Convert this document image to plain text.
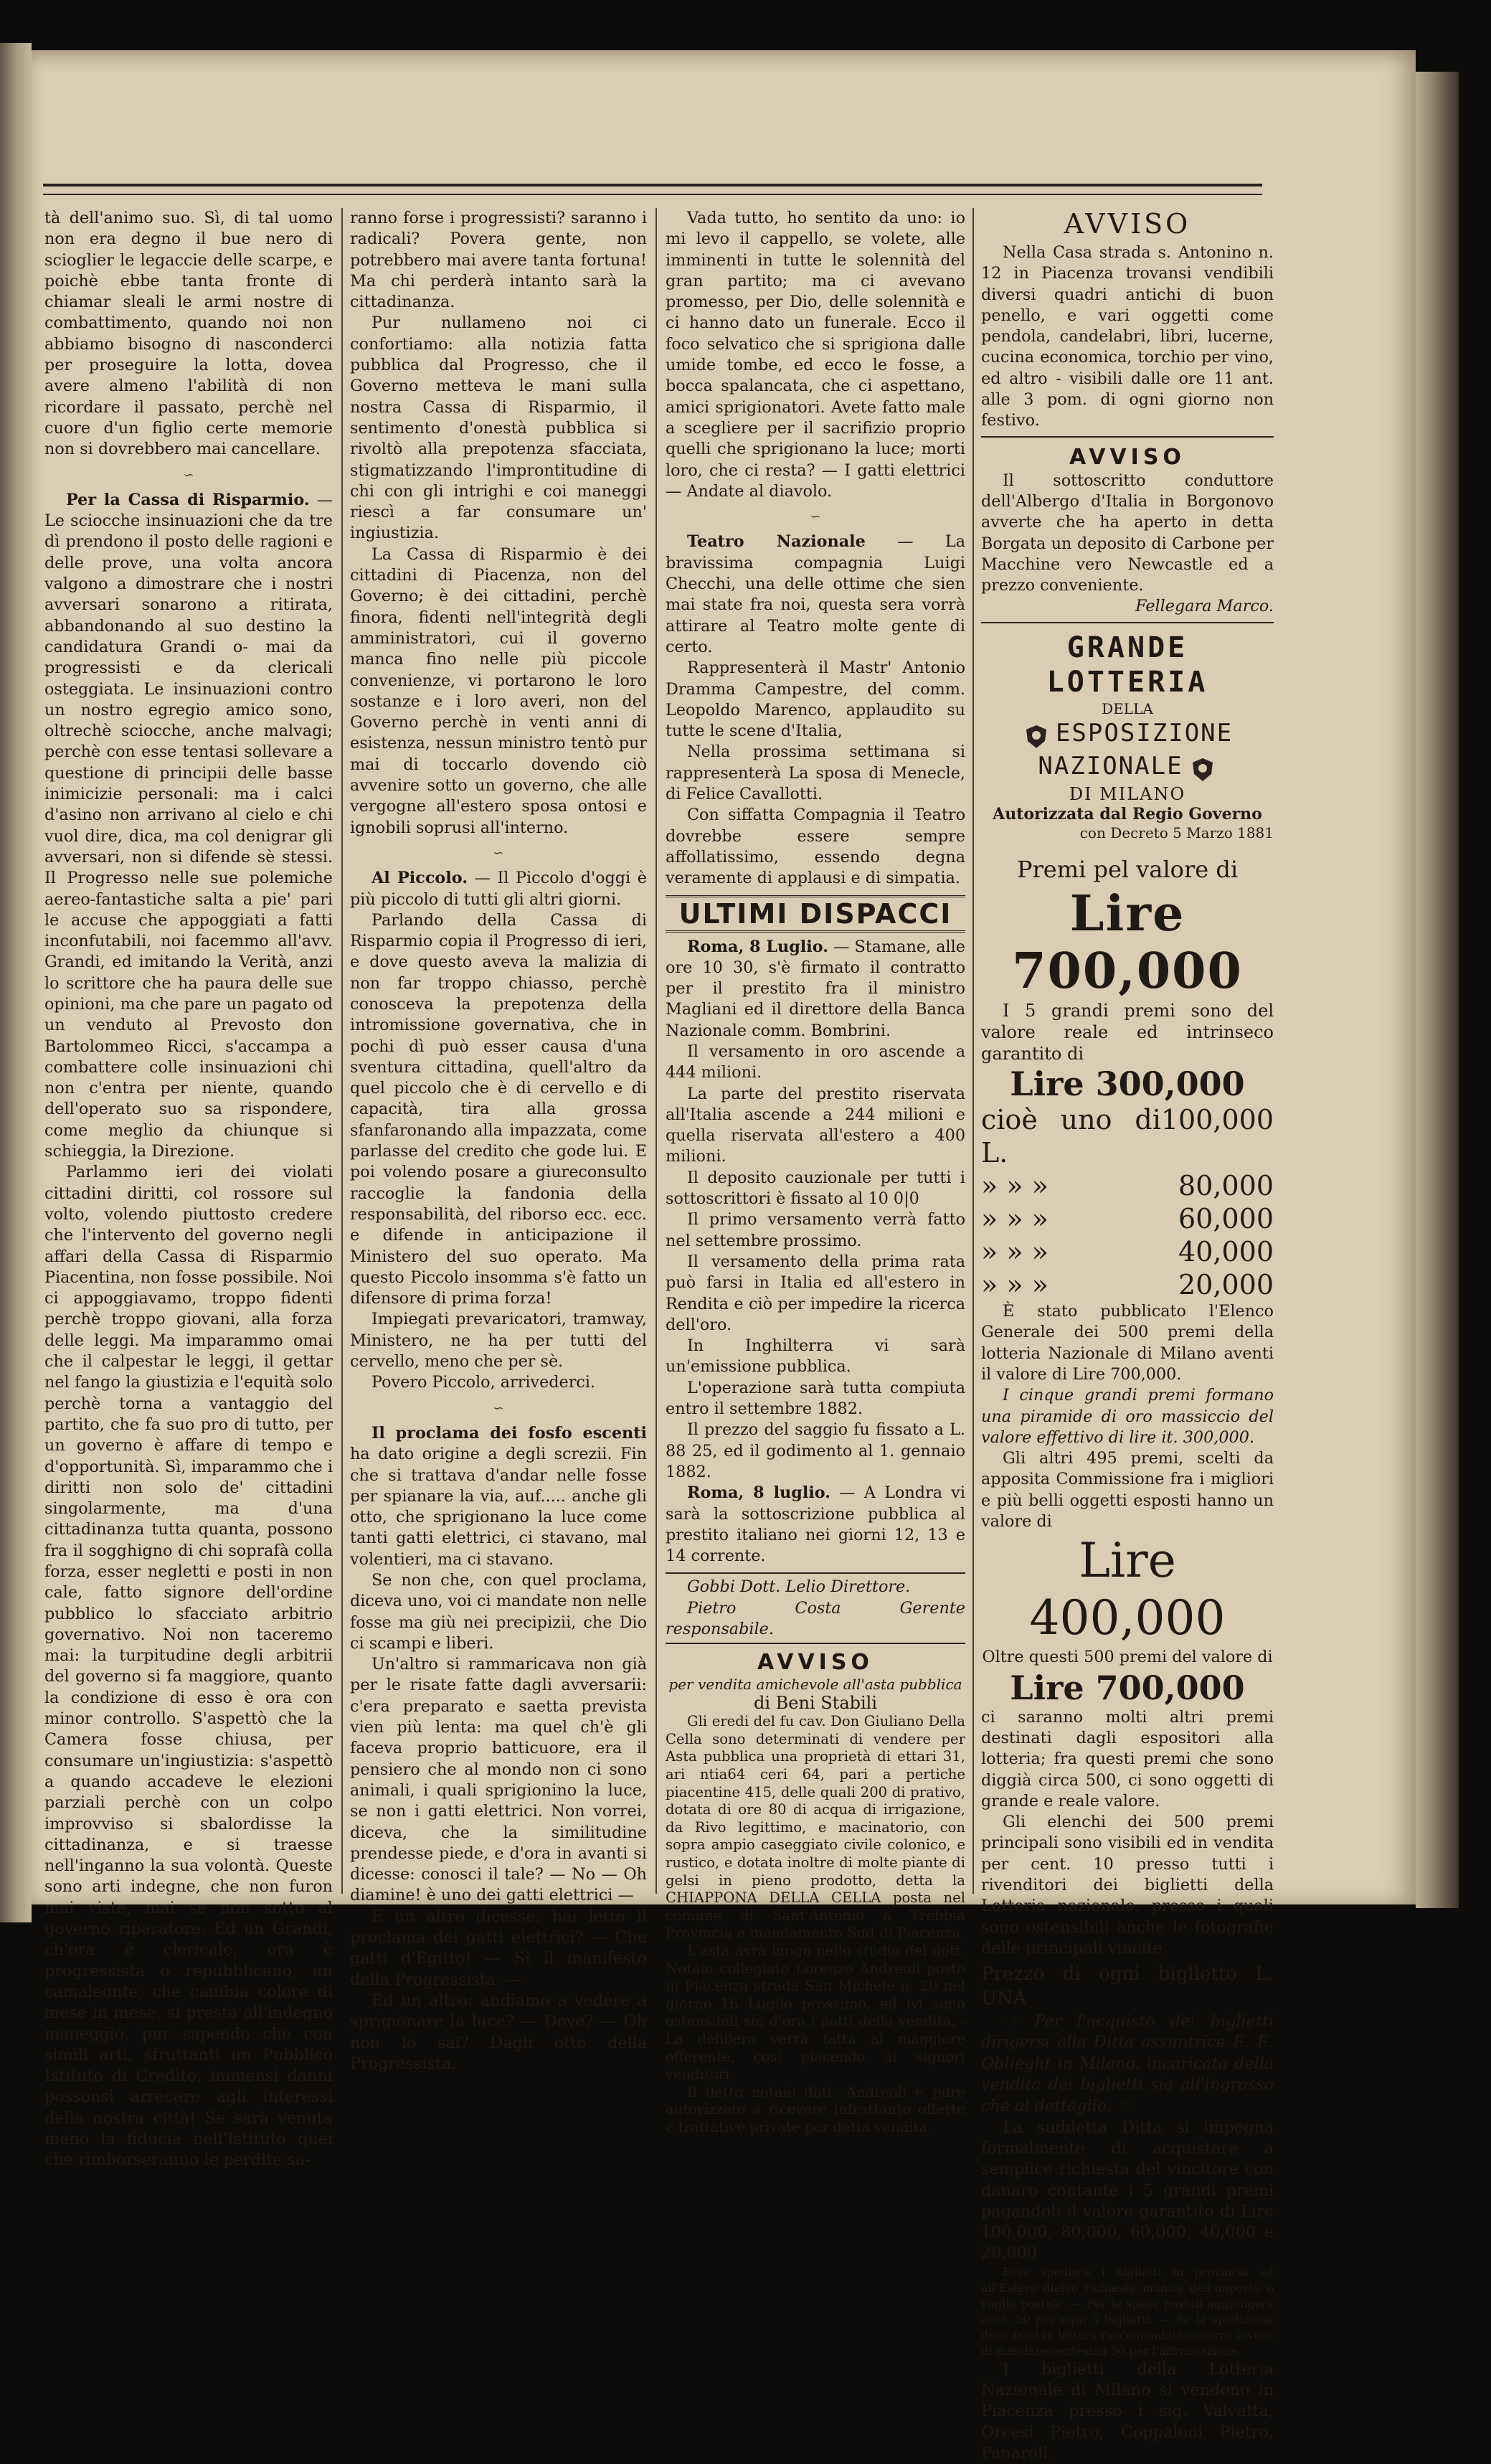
tà dell'animo suo. Sì, di tal uomo non era degno il bue nero di scioglier le legaccie delle scarpe, e poichè ebbe tanta fronte di chiamar sleali le armi nostre di combattimento, quando noi non abbiamo bisogno di nasconderci per proseguire la lotta, dovea avere almeno l'abilità di non ricordare il passato, perchè nel cuore d'un figlio certe memorie non si dovrebbero mai cancellare.

∽

Per la Cassa di Risparmio. — Le sciocche insinuazioni che da tre dì prendono il posto delle ragioni e delle prove, una volta ancora valgono a dimostrare che i nostri avversari sonarono a ritirata, abbandonando al suo destino la candidatura Grandi o- mai da progressisti e da clericali osteggiata. Le insinuazioni contro un nostro egregio amico sono, oltrechè sciocche, anche malvagi; perchè con esse tentasi sollevare a questione di principii delle basse inimicizie personali: ma i calci d'asino non arrivano al cielo e chi vuol dire, dica, ma col denigrar gli avversari, non si difende sè stessi. Il Progresso nelle sue polemiche aereo-fantastiche salta a pie' pari le accuse che appoggiati a fatti inconfutabili, noi facemmo all'avv. Grandi, ed imitando la Verità, anzi lo scrittore che ha paura delle sue opinioni, ma che pare un pagato od un venduto al Prevosto don Bartolommeo Ricci, s'accampa a combattere colle insinuazioni chi non c'entra per niente, quando dell'operato suo sa rispondere, come meglio da chiunque si schieggia, la Direzione.

Parlammo ieri dei violati cittadini diritti, col rossore sul volto, volendo piuttosto credere che l'intervento del governo negli affari della Cassa di Risparmio Piacentina, non fosse possibile. Noi ci appoggiavamo, troppo fidenti perchè troppo giovani, alla forza delle leggi. Ma imparammo omai che il calpestar le leggi, il gettar nel fango la giustizia e l'equità solo perchè torna a vantaggio del partito, che fa suo pro di tutto, per un governo è affare di tempo e d'opportunità. Sì, imparammo che i diritti non solo de' cittadini singolarmente, ma d'una cittadinanza tutta quanta, possono fra il sogghigno di chi soprafà colla forza, esser negletti e posti in non cale, fatto signore dell'ordine pubblico lo sfacciato arbitrio governativo. Noi non taceremo mai: la turpitudine degli arbitrii del governo si fa maggiore, quanto la condizione di esso è ora con minor controllo. S'aspettò che la Camera fosse chiusa, per consumare un'ingiustizia: s'aspettò a quando accadeve le elezioni parziali perchè con un colpo improvviso si sbalordisse la cittadinanza, e si traesse nell'inganno la sua volontà. Queste sono arti indegne, che non furon mai viste, mai se non sotto al governo riparatore. Ed un Grandi, ch'ora è clericale, ora è progressista o repubblicano, un camaleonte, che cambia colore di mese in mese, si presta all'indegno maneggio, pur sapendo che con simili arti, sfruttanti un Pubblico Istituto di Credito, immensi danni possonsi arrecare agli interessi della nostra città! Se sarà venuta meno la fiducia nell'Istituto quei che rimborseranno le perdite sa-

ranno forse i progressisti? saranno i radicali? Povera gente, non potrebbero mai avere tanta fortuna! Ma chi perderà intanto sarà la cittadinanza.

Pur nullameno noi ci confortiamo: alla notizia fatta pubblica dal Progresso, che il Governo metteva le mani sulla nostra Cassa di Risparmio, il sentimento d'onestà pubblica si rivoltò alla prepotenza sfacciata, stigmatizzando l'improntitudine di chi con gli intrighi e coi maneggi riescì a far consumare un' ingiustizia.

La Cassa di Risparmio è dei cittadini di Piacenza, non del Governo; è dei cittadini, perchè finora, fidenti nell'integrità degli amministratori, cui il governo manca fino nelle più piccole convenienze, vi portarono le loro sostanze e i loro averi, non del Governo perchè in venti anni di esistenza, nessun ministro tentò pur mai di toccarlo dovendo ciò avvenire sotto un governo, che alle vergogne all'estero sposa ontosi e ignobili soprusi all'interno.

∽

Al Piccolo. — Il Piccolo d'oggi è più piccolo di tutti gli altri giorni.

Parlando della Cassa di Risparmio copia il Progresso di ieri, e dove questo aveva la malizia di non far troppo chiasso, perchè conosceva la prepotenza della intromissione governativa, che in pochi dì può esser causa d'una sventura cittadina, quell'altro da quel piccolo che è di cervello e di capacità, tira alla grossa sfanfaronando alla impazzata, come parlasse del credito che gode lui. E poi volendo posare a giureconsulto raccoglie la fandonia della responsabilità, del riborso ecc. ecc. e difende in anticipazione il Ministero del suo operato. Ma questo Piccolo insomma s'è fatto un difensore di prima forza!

Impiegati prevaricatori, tramway, Ministero, ne ha per tutti del cervello, meno che per sè.

Povero Piccolo, arrivederci.

∽

Il proclama dei fosfo escenti ha dato origine a degli screzii. Fin che si trattava d'andar nelle fosse per spianare la via, auf..... anche gli otto, che sprigionano la luce come tanti gatti elettrici, ci stavano, mal volentieri, ma ci stavano.

Se non che, con quel proclama, diceva uno, voi ci mandate non nelle fosse ma giù nei precipizii, che Dio ci scampi e liberi.

Un'altro si rammaricava non già per le risate fatte dagli avversarii: c'era preparato e saetta prevista vien più lenta: ma quel ch'è gli faceva proprio batticuore, era il pensiero che al mondo non ci sono animali, i quali sprigionino la luce, se non i gatti elettrici. Non vorrei, diceva, che la similitudine prendesse piede, e d'ora in avanti si dicesse: conosci il tale? — No — Oh diamine! è uno dei gatti elettrici —

E un altro dicesse: hai letto il proclama dei gatti elettrici? — Che gatti d'Egitto! — Sì il manifesto della Progressista. —

Ed un altro: andiamo a vedere a sprigionare la luce? — Dove? — Oh non lo sai? Dagli otto della Progressista.

Vada tutto, ho sentito da uno: io mi levo il cappello, se volete, alle imminenti in tutte le solennità del gran partito; ma ci avevano promesso, per Dio, delle solennità e ci hanno dato un funerale. Ecco il foco selvatico che si sprigiona dalle umide tombe, ed ecco le fosse, a bocca spalancata, che ci aspettano, amici sprigionatori. Avete fatto male a scegliere per il sacrifizio proprio quelli che sprigionano la luce; morti loro, che ci resta? — I gatti elettrici — Andate al diavolo.

∽

Teatro Nazionale — La bravissima compagnia Luigi Checchi, una delle ottime che sien mai state fra noi, questa sera vorrà attirare al Teatro molte gente di certo.

Rappresenterà il Mastr' Antonio Dramma Campestre, del comm. Leopoldo Marenco, applaudito su tutte le scene d'Italia,

Nella prossima settimana si rappresenterà La sposa di Menecle, di Felice Cavallotti.

Con siffatta Compagnia il Teatro dovrebbe essere sempre affollatissimo, essendo degna veramente di applausi e di simpatia.

ULTIMI DISPACCI

Roma, 8 Luglio. — Stamane, alle ore 10 30, s'è firmato il contratto per il prestito fra il ministro Magliani ed il direttore della Banca Nazionale comm. Bombrini.

Il versamento in oro ascende a 444 milioni.

La parte del prestito riservata all'Italia ascende a 244 milioni e quella riservata all'estero a 400 milioni.

Il deposito cauzionale per tutti i sottoscrittori è fissato al 10 0|0

Il primo versamento verrà fatto nel settembre prossimo.

Il versamento della prima rata può farsi in Italia ed all'estero in Rendita e ciò per impedire la ricerca dell'oro.

In Inghilterra vi sarà un'emissione pubblica.

L'operazione sarà tutta compiuta entro il settembre 1882.

Il prezzo del saggio fu fissato a L. 88 25, ed il godimento al 1. gennaio 1882.

Roma, 8 luglio. — A Londra vi sarà la sottoscrizione pubblica al prestito italiano nei giorni 12, 13 e 14 corrente.

Gobbi Dott. Lelio Direttore.

Pietro Costa Gerente responsabile.

AVVISO
per vendita amichevole all'asta pubblica
di Beni Stabili

Gli eredi del fu cav. Don Giuliano Della Cella sono determinati di vendere per Asta pubblica una proprietà di ettari 31, ari ntia64 ceri 64, pari a pertiche piacentine 415, delle quali 200 di prativo, dotata di ore 80 di acqua di irrigazione, da Rivo legittimo, e macinatorio, con sopra ampio caseggiato civile colonico, e rustico, e dotata inoltre di molte piante di gelsi in pieno prodotto, detta la CHIAPPONA DELLA CELLA posta nel comune di Sant'Antonio a Trebbia Provincia e mandamento Sud di Piacenza.

L'asta avrà luogo nello studio del dott. Notaio collegiato Lorenzo Andreoli posto in Piacenza strada San Michele n. 20 nel giorno 16 Luglio prossimo, ed ivi sono ostensibili sin d'ora i patti della vendita. - La delibera verrà fatta al maggiore offerente, così piacendo ai signori venditori.

Il detto notaio dott. Andreoli è pure autorizzato a ricevere infrattanto offerte e trattative private per detta vendita.

AVVISO

Nella Casa strada s. Antonino n. 12 in Piacenza trovansi vendibili diversi quadri antichi di buon penello, e vari oggetti come pendola, candelabri, libri, lucerne, cucina economica, torchio per vino, ed altro - visibili dalle ore 11 ant. alle 3 pom. di ogni giorno non festivo.

AVVISO

Il sottoscritto conduttore dell'Albergo d'Italia in Borgonovo avverte che ha aperto in detta Borgata un deposito di Carbone per Macchine vero Newcastle ed a prezzo conveniente.

Fellegara Marco.
GRANDE LOTTERIA
DELLA
ESPOSIZIONE NAZIONALE
DI MILANO
Autorizzata dal Regio Governo
con Decreto 5 Marzo 1881
Premi pel valore di
Lire 700,000

I 5 grandi premi sono del valore reale ed intrinseco garantito di

Lire 300,000
cioè uno di L.
100,000
» » »	80,000
» » »	60,000
» » »	40,000
» » »	20,000

È stato pubblicato l'Elenco Generale dei 500 premi della lotteria Nazionale di Milano aventi il valore di Lire 700,000.

I cinque grandi premi formano una piramide di oro massiccio del valore effettivo di lire it. 300,000.

Gli altri 495 premi, scelti da apposita Commissione fra i migliori e più belli oggetti esposti hanno un valore di

Lire 400,000

Oltre questi 500 premi del valore di

Lire 700,000

ci saranno molti altri premi destinati dagli espositori alla lotteria; fra questi premi che sono diggià circa 500, ci sono oggetti di grande e reale valore.

Gli elenchi dei 500 premi principali sono visibili ed in vendita per cent. 10 presso tutti i rivenditori dei biglietti della Lotteria nazionale, presso i quali sono ostensibili anche le fotografie delle principali vincite.

Prezzo di ogni biglietto L. UNA

☞ Per l'acquisto dei biglietti dirigersi alla Ditta assuntrice E. E. Oblieght in Milano, incaricata della vendita dei biglietti sia all'ingrosso che al dettaglio. ☜

La suddetta Ditta si impegna formalmente di acquistare a semplice richiesta del vincitore con danaro contante i 5 grandi premi pagandoli il valore garantito di Lire 100,000, 80,000, 60,000, 40,000 e 20,000

Essa spedisce i biglietti in provincia ed all'Estero dietro richiesta munita dell'importo o vaglia postale. — Per le spese postali aggiungere cent. 20 per ogni 5 biglietti. — Se la spedizione deve farsi in lettera raccomandata occorre invece di mandare centesimi 50 per l'affrancazione.

I biglietti della Lotteria Nazionale di Milano si vendono in Piacenza presso i sig. Valvatta, Orcesi Pietro, Coppaloni Pietro, Panaroli.
